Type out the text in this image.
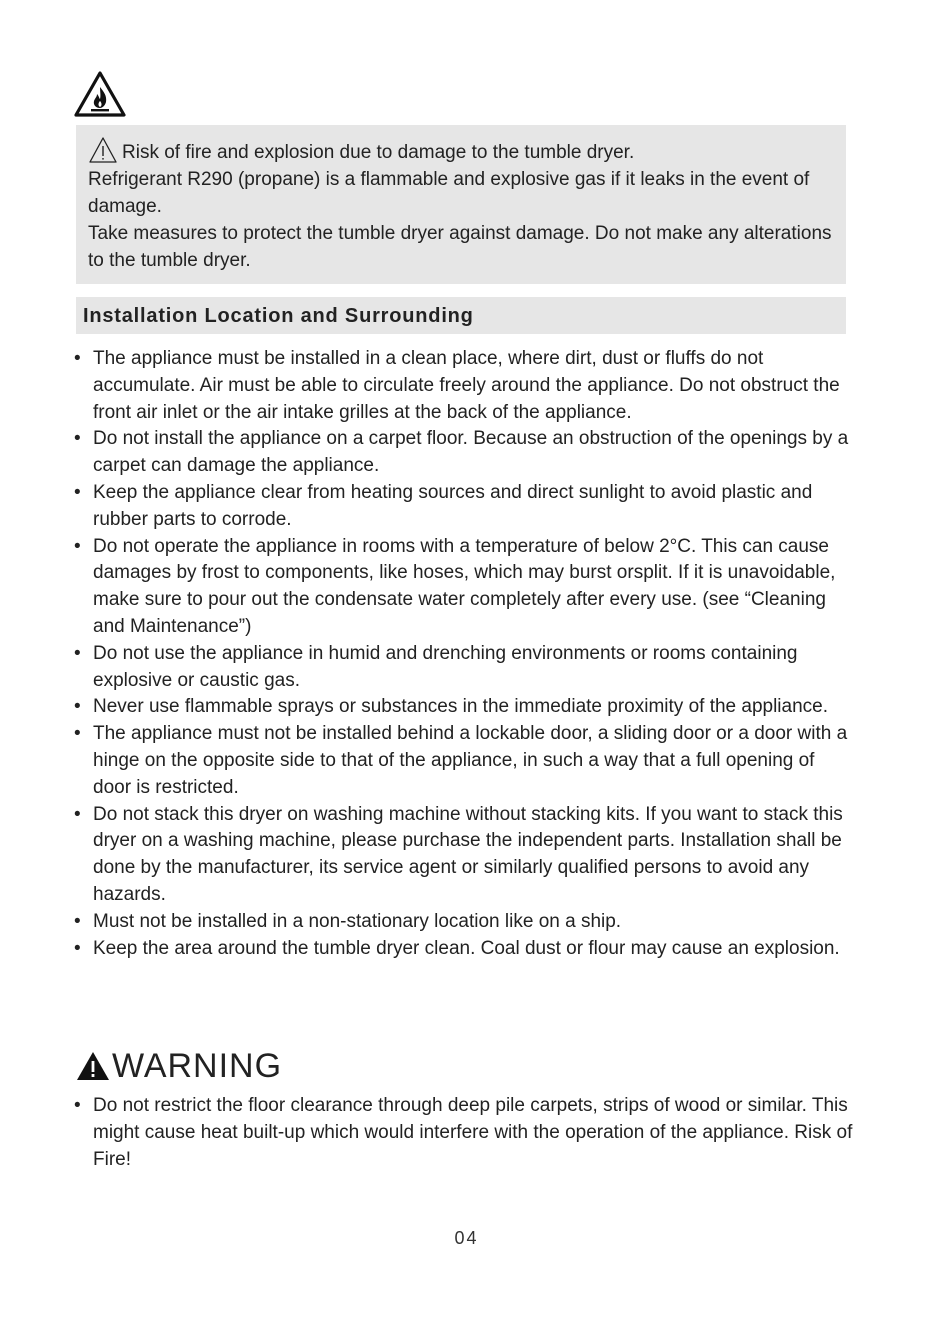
Risk of fire and explosion due to damage to the tumble dryer.

Refrigerant R290 (propane) is a flammable and explosive gas if it leaks in the event of damage.

Take measures to protect the tumble dryer against damage. Do not make any alterations to the tumble dryer.

Installation Location and Surrounding
• The appliance must be installed in a clean place, where dirt, dust or fluffs do not accumulate. Air must be able to circulate freely around the appliance. Do not obstruct the front air inlet or the air intake grilles at the back of the appliance.
• Do not install the appliance on a carpet floor. Because an obstruction of the openings by a carpet can damage the appliance.
• Keep the appliance clear from heating sources and direct sunlight to avoid plastic and rubber parts to corrode.
• Do not operate the appliance in rooms with a temperature of below 2°C. This can cause damages by frost to components, like hoses, which may burst orsplit. If it is unavoidable, make sure to pour out the condensate water completely after every use. (see “Cleaning and Maintenance”)
• Do not use the appliance in humid and drenching environments or rooms containing explosive or caustic gas.
• Never use flammable sprays or substances in the immediate proximity of the appliance.
• The appliance must not be installed behind a lockable door, a sliding door or a door with a hinge on the opposite side to that of the appliance, in such a way that a full opening of door is restricted.
• Do not stack this dryer on washing machine without stacking kits. If you want to stack this dryer on a washing machine, please purchase the independent parts. Installation shall be done by the manufacturer, its service agent or similarly qualified persons to avoid any hazards.
• Must not be installed in a non-stationary location like on a ship.
• Keep the area around the tumble dryer clean. Coal dust or flour may cause an explosion.
WARNING
• Do not restrict the floor clearance through deep pile carpets, strips of wood or similar. This might cause heat built-up which would interfere with the operation of the appliance. Risk of Fire!
04
